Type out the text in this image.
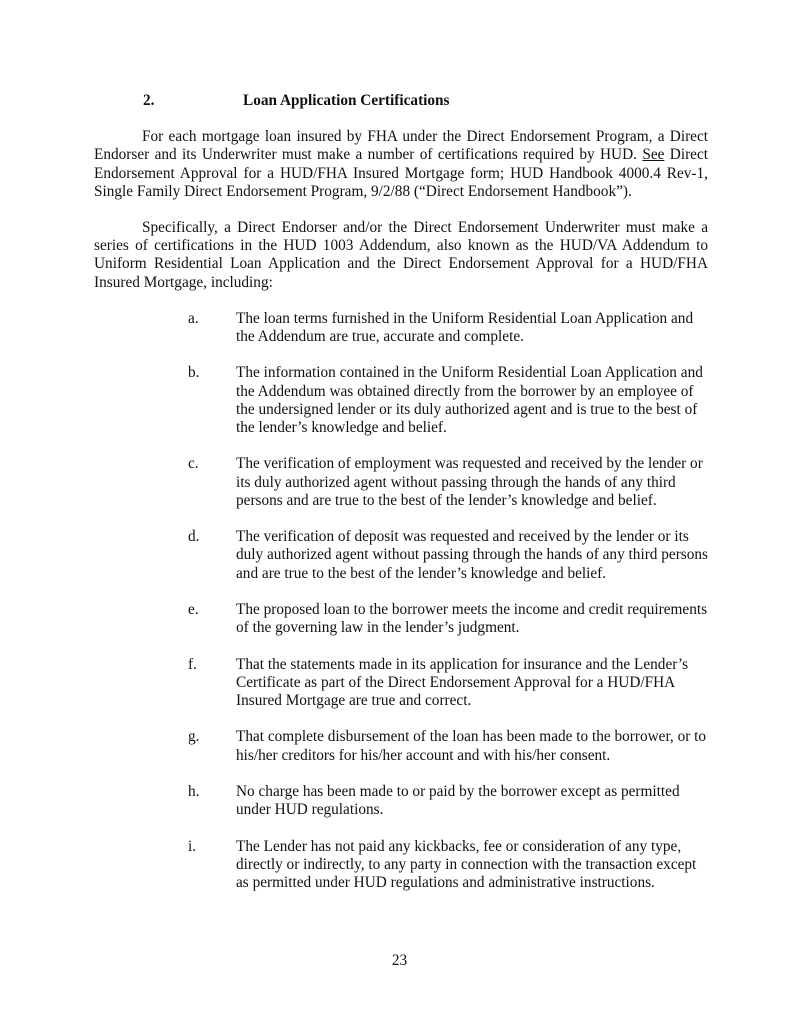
2.	Loan Application Certifications

For each mortgage loan insured by FHA under the Direct Endorsement Program, a Direct Endorser and its Underwriter must make a number of certifications required by HUD. See Direct Endorsement Approval for a HUD/FHA Insured Mortgage form; HUD Handbook 4000.4 Rev-1, Single Family Direct Endorsement Program, 9/2/88 (“Direct Endorsement Handbook”).

Specifically, a Direct Endorser and/or the Direct Endorsement Underwriter must make a series of certifications in the HUD 1003 Addendum, also known as the HUD/VA Addendum to Uniform Residential Loan Application and the Direct Endorsement Approval for a HUD/FHA Insured Mortgage, including:

a. The loan terms furnished in the Uniform Residential Loan Application and the Addendum are true, accurate and complete.
b. The information contained in the Uniform Residential Loan Application and the Addendum was obtained directly from the borrower by an employee of the undersigned lender or its duly authorized agent and is true to the best of the lender’s knowledge and belief.
c. The verification of employment was requested and received by the lender or its duly authorized agent without passing through the hands of any third persons and are true to the best of the lender’s knowledge and belief.
d. The verification of deposit was requested and received by the lender or its duly authorized agent without passing through the hands of any third persons and are true to the best of the lender’s knowledge and belief.
e. The proposed loan to the borrower meets the income and credit requirements of the governing law in the lender’s judgment.
f.	That the statements made in its application for insurance and the Lender’s Certificate as part of the Direct Endorsement Approval for a HUD/FHA Insured Mortgage are true and correct.
g. That complete disbursement of the loan has been made to the borrower, or to his/her creditors for his/her account and with his/her consent.
h. No charge has been made to or paid by the borrower except as permitted under HUD regulations.
i.	The Lender has not paid any kickbacks, fee or consideration of any type, directly or indirectly, to any party in connection with the transaction except as permitted under HUD regulations and administrative instructions.
23
